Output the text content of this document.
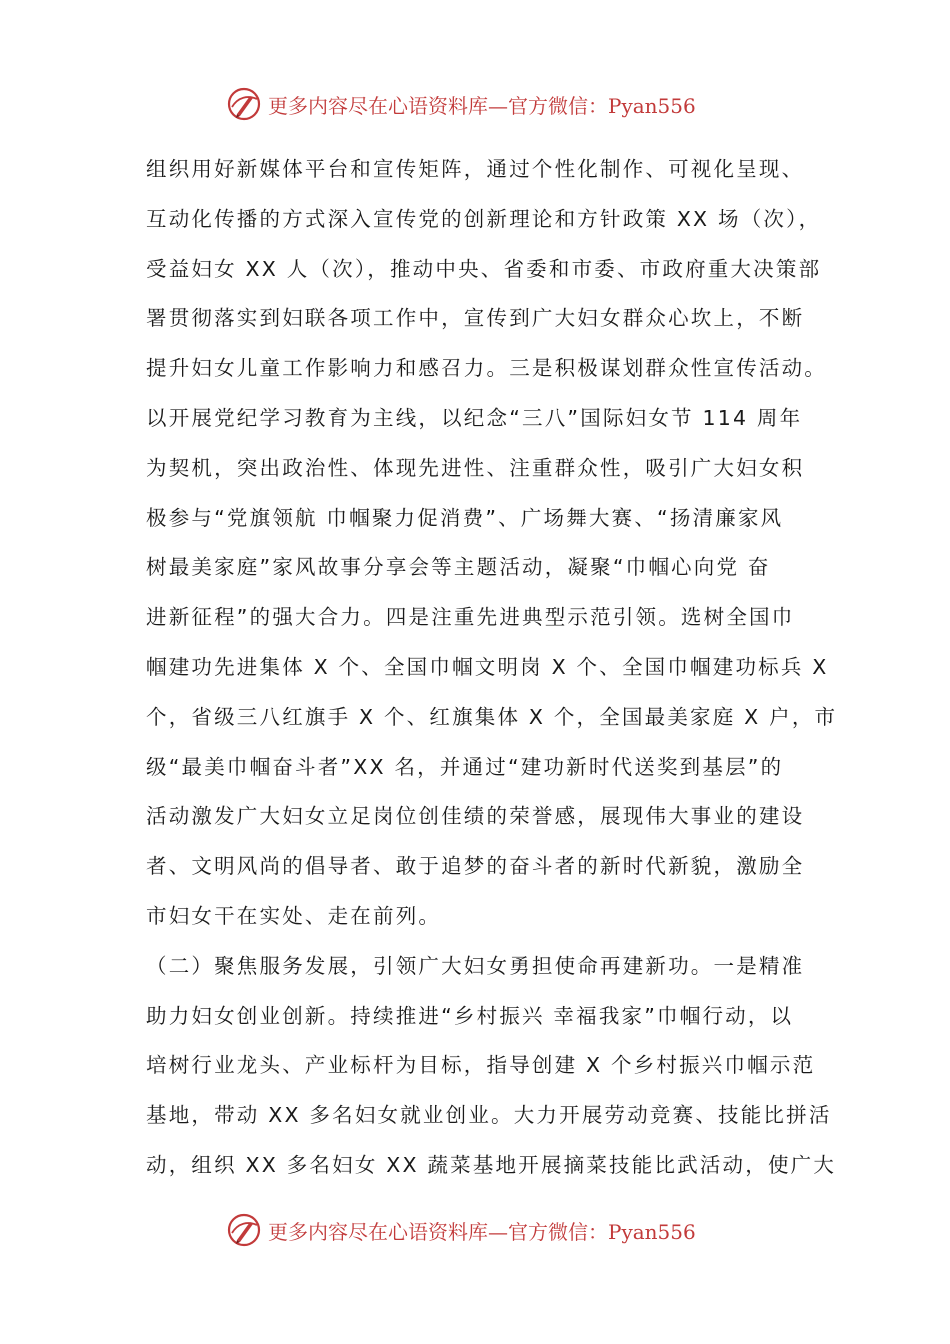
更多内容尽在心语资料库—官方微信：Pyan556
组织用好新媒体平台和宣传矩阵，通过个性化制作、可视化呈现、
互动化传播的方式深入宣传党的创新理论和方针政策 XX 场（次），
受益妇女 XX 人（次），推动中央、省委和市委、市政府重大决策部
署贯彻落实到妇联各项工作中，宣传到广大妇女群众心坎上，不断
提升妇女儿童工作影响力和感召力。三是积极谋划群众性宣传活动。
以开展党纪学习教育为主线，以纪念“三八”国际妇女节 114 周年
为契机，突出政治性、体现先进性、注重群众性，吸引广大妇女积
极参与“党旗领航 巾帼聚力促消费”、广场舞大赛、“扬清廉家风
树最美家庭”家风故事分享会等主题活动，凝聚“巾帼心向党 奋
进新征程”的强大合力。四是注重先进典型示范引领。选树全国巾
帼建功先进集体 X 个、全国巾帼文明岗 X 个、全国巾帼建功标兵 X
个，省级三八红旗手 X 个、红旗集体 X 个，全国最美家庭 X 户，市
级“最美巾帼奋斗者”XX 名，并通过“建功新时代送奖到基层”的
活动激发广大妇女立足岗位创佳绩的荣誉感，展现伟大事业的建设
者、文明风尚的倡导者、敢于追梦的奋斗者的新时代新貌，激励全
市妇女干在实处、走在前列。
（二）聚焦服务发展，引领广大妇女勇担使命再建新功。一是精准
助力妇女创业创新。持续推进“乡村振兴 幸福我家”巾帼行动，以
培树行业龙头、产业标杆为目标，指导创建 X 个乡村振兴巾帼示范
基地，带动 XX 多名妇女就业创业。大力开展劳动竞赛、技能比拼活
动，组织 XX 多名妇女 XX 蔬菜基地开展摘菜技能比武活动，使广大
更多内容尽在心语资料库—官方微信：Pyan556
